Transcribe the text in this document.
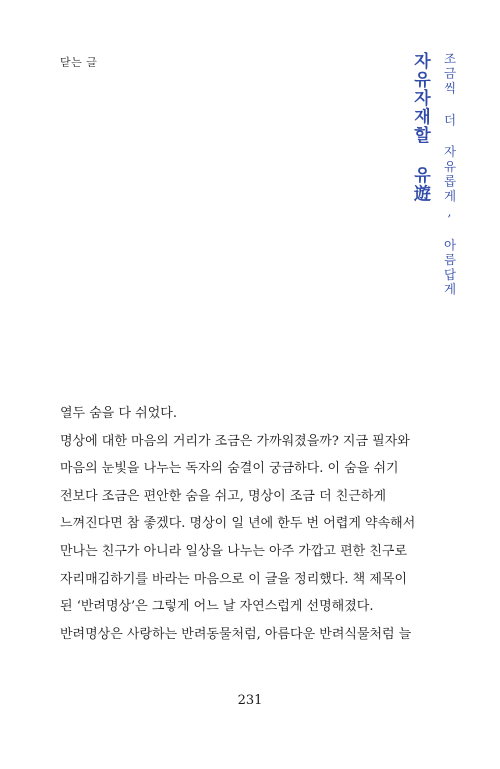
닫는 글	자유자재할 유遊 조금씩 더 자유롭게, 아름답게
열두 숨을 다 쉬었다.
명상에 대한 마음의 거리가 조금은 가까워졌을까? 지금 필자와
마음의 눈빛을 나누는 독자의 숨결이 궁금하다. 이 숨을 쉬기
전보다 조금은 편안한 숨을 쉬고, 명상이 조금 더 친근하게
느껴진다면 참 좋겠다. 명상이 일 년에 한두 번 어렵게 약속해서
만나는 친구가 아니라 일상을 나누는 아주 가깝고 편한 친구로
자리매김하기를 바라는 마음으로 이 글을 정리했다. 책 제목이
된 ‘반려명상’은 그렇게 어느 날 자연스럽게 선명해졌다.
반려명상은 사랑하는 반려동물처럼, 아름다운 반려식물처럼 늘
231
